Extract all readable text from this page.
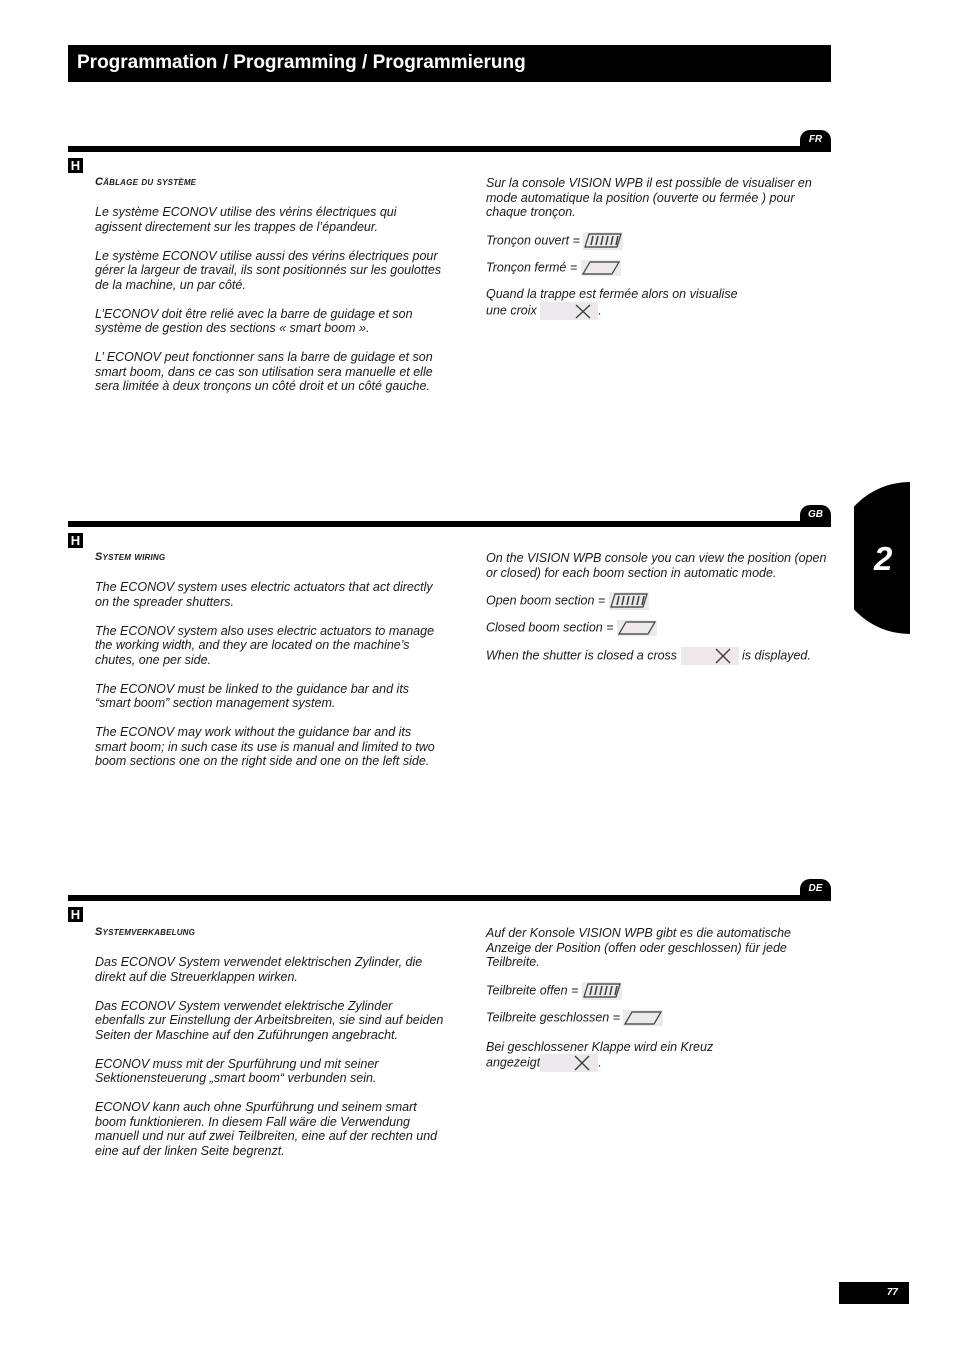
Programmation / Programming / Programmierung
FR
H
Câblage du système

Le système ECONOV utilise des vérins électriques qui agissent directement sur les trappes de l’épandeur.

Le système ECONOV utilise aussi des vérins électriques pour gérer la largeur de travail, ils sont positionnés sur les goulottes de la machine, un par côté.

L’ECONOV doit être relié avec la barre de guidage et son système de gestion des sections « smart boom ».

L’ ECONOV peut fonctionner sans la barre de guidage et son smart boom, dans ce cas son utilisation sera manuelle et elle sera limitée à deux tronçons un côté droit et un côté gauche.

Sur la console VISION WPB il est possible de visualiser en mode automatique la position (ouverte ou fermée ) pour chaque tronçon.

Tronçon ouvert =

Tronçon fermé =

Quand la trappe est fermée alors on visualise

une croix	.

GB
H
System wiring

The ECONOV system uses electric actuators that act directly on the spreader shutters.

The ECONOV system also uses electric actuators to manage the working width, and they are located on the machine’s chutes, one per side.

The ECONOV must be linked to the guidance bar and its “smart boom” section management system.

The ECONOV may work without the guidance bar and its smart boom; in such case its use is manual and limited to two boom sections one on the right side and one on the left side.

On the VISION WPB console you can view the position (open or closed) for each boom section in automatic mode.

Open boom section =

Closed boom section =

When the shutter is closed a cross	is displayed.

DE
H
Systemverkabelung

Das ECONOV System verwendet elektrischen Zylinder, die direkt auf die Streuerklappen wirken.

Das ECONOV System verwendet elektrische Zylinder ebenfalls zur Einstellung der Arbeitsbreiten, sie sind auf beiden Seiten der Maschine auf den Zuführungen angebracht.

ECONOV muss mit der Spurführung und mit seiner Sektionensteuerung „smart boom“ verbunden sein.

ECONOV kann auch ohne Spurführung und seinem smart boom funktionieren. In diesem Fall wäre die Verwendung manuell und nur auf zwei Teilbreiten, eine auf der rechten und eine auf der linken Seite begrenzt.

Auf der Konsole VISION WPB gibt es die automatische Anzeige der Position (offen oder geschlossen) für jede Teilbreite.

Teilbreite offen =

Teilbreite geschlossen =

Bei geschlossener Klappe wird ein Kreuz

angezeigt	.

2
77
